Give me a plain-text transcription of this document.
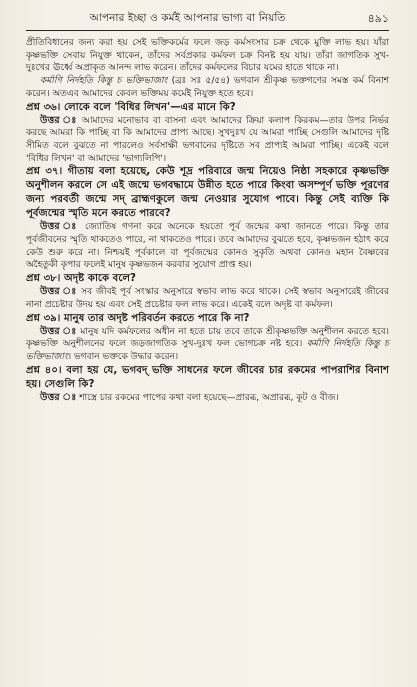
আপনার ইচ্ছা ও কর্মই আপনার ভাগ্য বা নিয়তি	৪৯১

প্রীতিবিধানের জন্য করা হয় সেই ভক্তিকর্মের ফলে জড় কর্মসংসার চক্র থেকে মুক্তি লাভ হয়। যাঁরা কৃষ্ণভক্তি সেবায় নিযুক্ত থাকেন, তাঁদের সর্বপ্রকার কর্মফল চক্র বিনষ্ট হয় যায়। তাঁরা জাগতিক সুখ-দুঃখের ঊর্ধ্বে অপ্রাকৃত আনন্দ লাভ করেন। তাঁদের কর্মফলের বিচার যমের হাতে থাকে না।

কর্মাণি নির্দহতি কিন্তু চ ভক্তিভাজাং (ব্রঃ সঃ ৫/৫৪) ভগবান শ্রীকৃষ্ণ ভক্তগণের সমস্ত কর্ম বিনাশ করেন। অতএব আমাদের কেবল ভক্তিময় কর্মেই নিযুক্ত হতে হবে।

প্রশ্ন ৩৬। লোকে বলে 'বিধির লিখন'—এর মানে কি?

উত্তর ঃ আমাদের মনোভাব বা বাসনা এবং আমাদের ক্রিয়া কলাপ কিরকম—তার উপর নির্ভর করছে আমরা কি পাচ্ছি বা কি আমাদের প্রাপ্য আছে। সুখদুঃখ যে আমরা পাচ্ছি সেগুলি আমাদের দৃষ্টি সীমিত বলে বুঝতে না পারলেও সর্বসাক্ষী ভগবানের দৃষ্টিতে সব প্রাপ্যই আমরা পাচ্ছি। একেই বলে 'বিধির লিখন' বা আমাদের 'ভাগ্যলিপি'।

প্রশ্ন ৩৭। গীতায় বলা হয়েছে, কেউ শূদ্র পরিবারে জন্ম নিয়েও নিষ্ঠা সহকারে কৃষ্ণভক্তি অনুশীলন করলে সে এই জন্মে ভগবদ্ধামে উন্নীত হতে পারে কিংবা অসম্পূর্ণ ভক্তি পূরণের জন্য পরবর্তী জন্মে সদ্ ব্রাহ্মণকুলে জন্ম নেওয়ার সুযোগ পাবে। কিন্তু সেই ব্যক্তি কি পূর্বজন্মের স্মৃতি মনে করতে পারবে?

উত্তর ঃ জ্যোতিষ গণনা করে অনেকে হয়তো পূর্ব জন্মের কথা জানতে পারে। কিন্তু তার পূর্বজীবনের স্মৃতি থাকতেও পারে, না থাকতেও পারে। তবে আমাদের বুঝতে হবে, কৃষ্ণভজন হঠাৎ করে কেউ শুরু করে না। নিশ্চয়ই পূর্বকালে বা পূর্বজন্মের কোনও সুকৃতি অথবা কোনও মহান বৈষ্ণবের অহৈতুকী কৃপার ফলেই মানুষ কৃষ্ণভজন করবার সুযোগ প্রাপ্ত হয়।

প্রশ্ন ৩৮। অদৃষ্ট কাকে বলে?

উত্তর ঃ সব জীবই পূর্ব সংস্কার অনুসারে স্বভাব লাভ করে থাকে। সেই স্বভাব অনুসারেই জীবের নানা প্রচেষ্টার উদয় হয় এবং সেই প্রচেষ্টার ফল লাভ করে। একেই বলে অদৃষ্ট বা কর্মফল।

প্রশ্ন ৩৯। মানুষ তার অদৃষ্ট পরিবর্তন করতে পারে কি না?

উত্তর ঃ মানুষ যদি কর্মফলের অধীন না হতে চায় তবে তাকে শ্রীকৃষ্ণভক্তি অনুশীলন করতে হবে। কৃষ্ণভক্তি অনুশীলনের ফলে জড়জাগতিক সুখ-দুঃখ ফল ভোগচক্র নষ্ট হবে। কর্মাণি নির্দহতি কিন্তু চ ভক্তিভাজাং। ভগবান ভক্তকে উদ্ধার করেন।

প্রশ্ন ৪০। বলা হয় যে, ভগবদ্ ভক্তি সাধনের ফলে জীবের চার রকমের পাপরাশির বিনাশ হয়। সেগুলি কি?

উত্তর ঃ শাস্ত্রে চার রকমের পাপের কথা বলা হয়েছে—প্রারব্ধ, অপ্রারব্ধ, কূট ও বীজ।
